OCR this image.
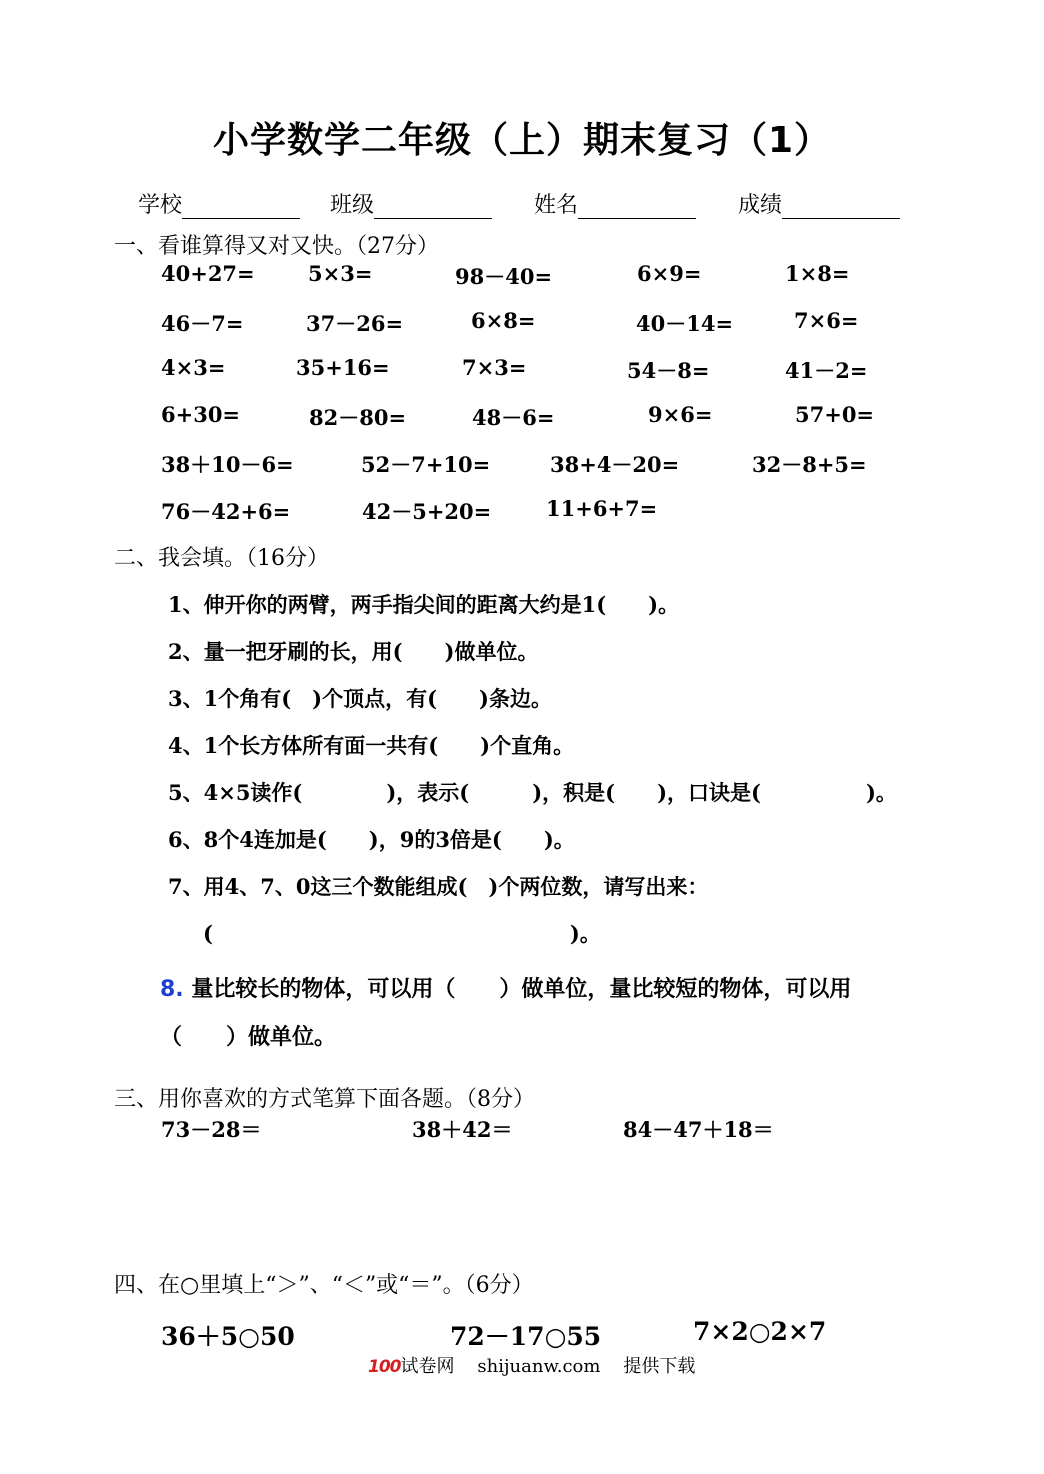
小学数学二年级（上）期末复习（1）
学校	班级	姓名	成绩
一、看谁算得又对又快。（27分）
40+27=	5×3=	98－40=	6×9=	1×8=
46－7=	37－26=	6×8=	40－14=	7×6=
4×3=	35+16=	7×3=	54－8=	41－2=
6+30=	82－80=	48－6=	9×6=	57+0=
38＋10－6=	52－7+10=	38+4－20=	32－8+5=
76－42+6=	42－5+20=	11+6+7=
二、我会填。（16分）
1、伸开你的两臂，两手指尖间的距离大约是1(　　)。
2、量一把牙刷的长，用(　　)做单位。
3、1个角有(　)个顶点，有(　　)条边。
4、1个长方体所有面一共有(　　)个直角。
5、4×5读作(　　　　)，表示(　　　)，积是(　　)，口诀是(　　　　　)。
6、8个4连加是(　　)，9的3倍是(　　)。
7、用4、7、0这三个数能组成(　)个两位数，请写出来：
(　　　　　　　　　　　　　　　　　)。
8. 量比较长的物体，可以用（　　）做单位，量比较短的物体，可以用
（　　）做单位。
三、用你喜欢的方式笔算下面各题。（8分）
73－28＝	38＋42＝	84－47＋18＝
四、在○里填上“＞”、“＜”或“＝”。（6分）
36＋5○50	72－17○55	7×2○2×7
100试卷网 shijuanw.com 提供下载
